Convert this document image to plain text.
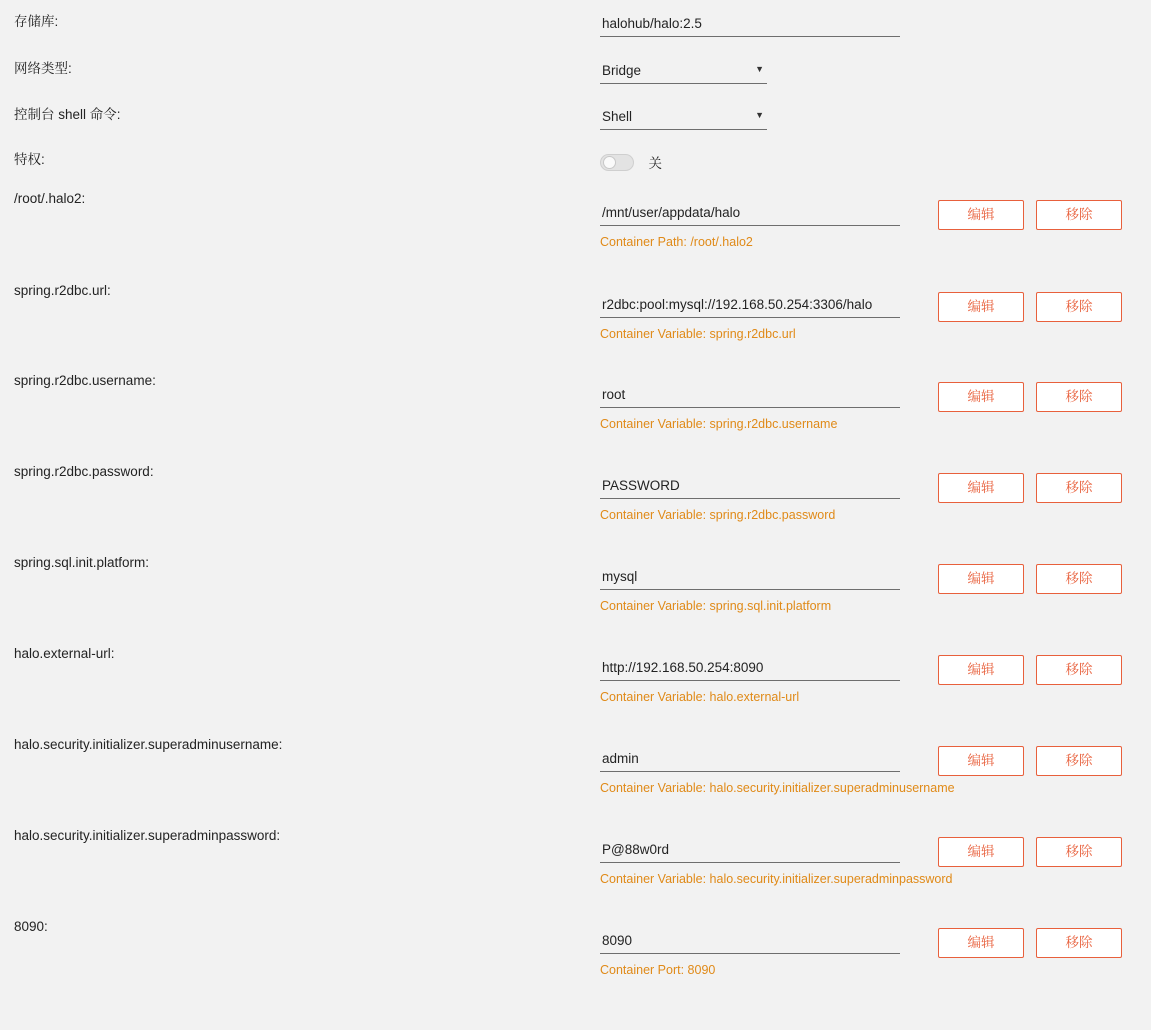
存储库:
halohub/halo:2.5
网络类型:	Bridge	▼
控制台 shell 命令:	Shell	▼
特权:	关
/root/.halo2:
/mnt/user/appdata/halo
Container Path: /root/.halo2
编辑	移除
spring.r2dbc.url:
r2dbc:pool:mysql://192.168.50.254:3306/halo
Container Variable: spring.r2dbc.url
编辑	移除
spring.r2dbc.username:
root
Container Variable: spring.r2dbc.username
编辑	移除
spring.r2dbc.password:
PASSWORD
Container Variable: spring.r2dbc.password
编辑	移除
spring.sql.init.platform:
mysql
Container Variable: spring.sql.init.platform
编辑	移除
halo.external-url:
http://192.168.50.254:8090
Container Variable: halo.external-url
编辑	移除
halo.security.initializer.superadminusername:
admin
Container Variable: halo.security.initializer.superadminusername
编辑	移除
halo.security.initializer.superadminpassword:
P@88w0rd
Container Variable: halo.security.initializer.superadminpassword
编辑	移除
8090:
8090
Container Port: 8090
编辑	移除
